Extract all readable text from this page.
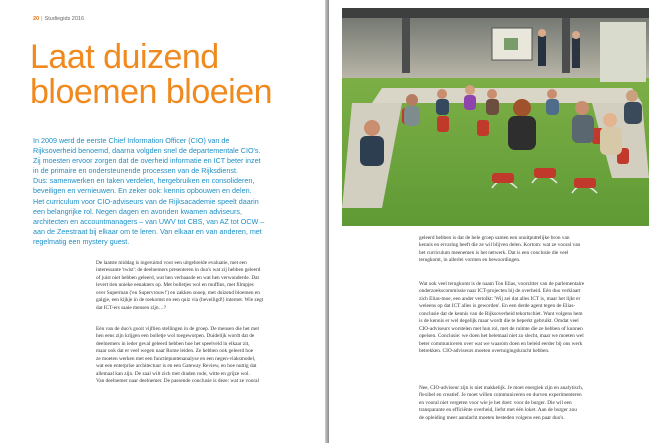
20 | Studiegids 2016
Laat duizend
bloemen bloeien

In 2009 werd de eerste Chief Information Officer (CIO) van de
Rijksoverheid benoemd, daarna volgden snel de departementale CIO's.
Zij moesten ervoor zorgen dat de overheid informatie en ICT beter inzet
in de primaire en ondersteunende processen van de Rijksdienst.
Dus: samenwerken en taken verdelen, hergebruiken en consolideren,
beveiligen en vernieuwen. En zeker ook: kennis opbouwen en delen.
Het curriculum voor CIO-adviseurs van de Rijksacademie speelt daarin
een belangrijke rol. Negen dagen en avonden kwamen adviseurs,
architecten en accountmanagers – van UWV tot CBS, van AZ tot OCW –
aan de Zeestraat bij elkaar om te leren. Van elkaar en van anderen, met
regelmatig een mystery guest.

De laatste middag is ingeruimd voor een uitgebreide evaluatie, met een
interessante 'twist': de deelnemers presenteren in duo's wat zij hebben geleerd
of juist niet hebben geleerd, wat hen verbaasde en wat hen verwonderde. Dat
levert tien unieke eenakters op. Met bolletjes wol en muffins, met filmpjes
over Superman ('en Supervrouw!') en zakken snoep, met duizend bloemen en
galgje, een kijkje in de toekomst en een quiz via (beveiligd!) internet. Wie zegt
dat ICT-ers saaie mensen zijn…?

Eén van de duo's gooit vijftien stellingen in de groep. De mensen die het met
hen eens zijn krijgen een bolletje wol toegeworpen. Duidelijk wordt dat de
deelnemers in ieder geval geleerd hebben hoe het speelveld in elkaar zit,
maar ook dat er veel wegen naar Rome leiden. Ze hebben ook geleerd hoe
ze moeten werken met een functiepuntenanalyse en een negen-vlaksmodel,
wat een enterprise architectuur is en een Gateway Review, en hoe nuttig dat
allemaal kan zijn. De zaal wilt zich met draden rode, witte en grijze wol.
Van deelnemer naar deelnemer. De passende conclusie is deze: wat ze vooral

geleerd hebben is dat de hele groep samen een onuitputtelijke bron van
kennis en ervaring heeft die ze wil blijven delen. Kortom: wat ze vooral van
het curriculum meenemen is het netwerk. Dat is een conclusie die veel
terugkomt, in allerlei vormen en bewoordingen.

Wat ook veel terugkomt is de naam Ton Elias, voorzitter van de parlementaire
onderzoekscommissie naar ICT-projecten bij de overheid. Eén duo verklaart
zich Elias-moe, een ander vertolkt: 'Wij zei dat alles ICT is, maar het lijkt er
weleens op dat ICT alles is geworden'. En een derde agent tegen de Elias-
conclusie dat de kennis van de Rijksoverheid tekortschiet. Want volgens hem
is de kennis er wel degelijk maar wordt die te beperkt gebruikt. Omdat veel
CIO-adviseurs worstelen met hun rol, met de ruimte die ze hebben of kunnen
opeisen. Conclusie: we doen het helemaal niet zo slecht, maar we moeten wel
beter communiceren over wat we waarom doen en beleid eerder bij ons werk
betrekken. CIO-adviseurs moeten overtuigingskracht hebben.

Nee, CIO-adviseur zijn is niet makkelijk. Je moet energiek zijn en analytisch,
flexibel en creatief. Je moet willen communiceren en durven experimenteren
en vooral niet vergeten voor wie je het doet: voor de burger. Die wil een
transparante en efficiënte overheid, liefst met één loket. Aan de burger zou
de opleiding meer aandacht moeten besteden volgens een paar duo's.
